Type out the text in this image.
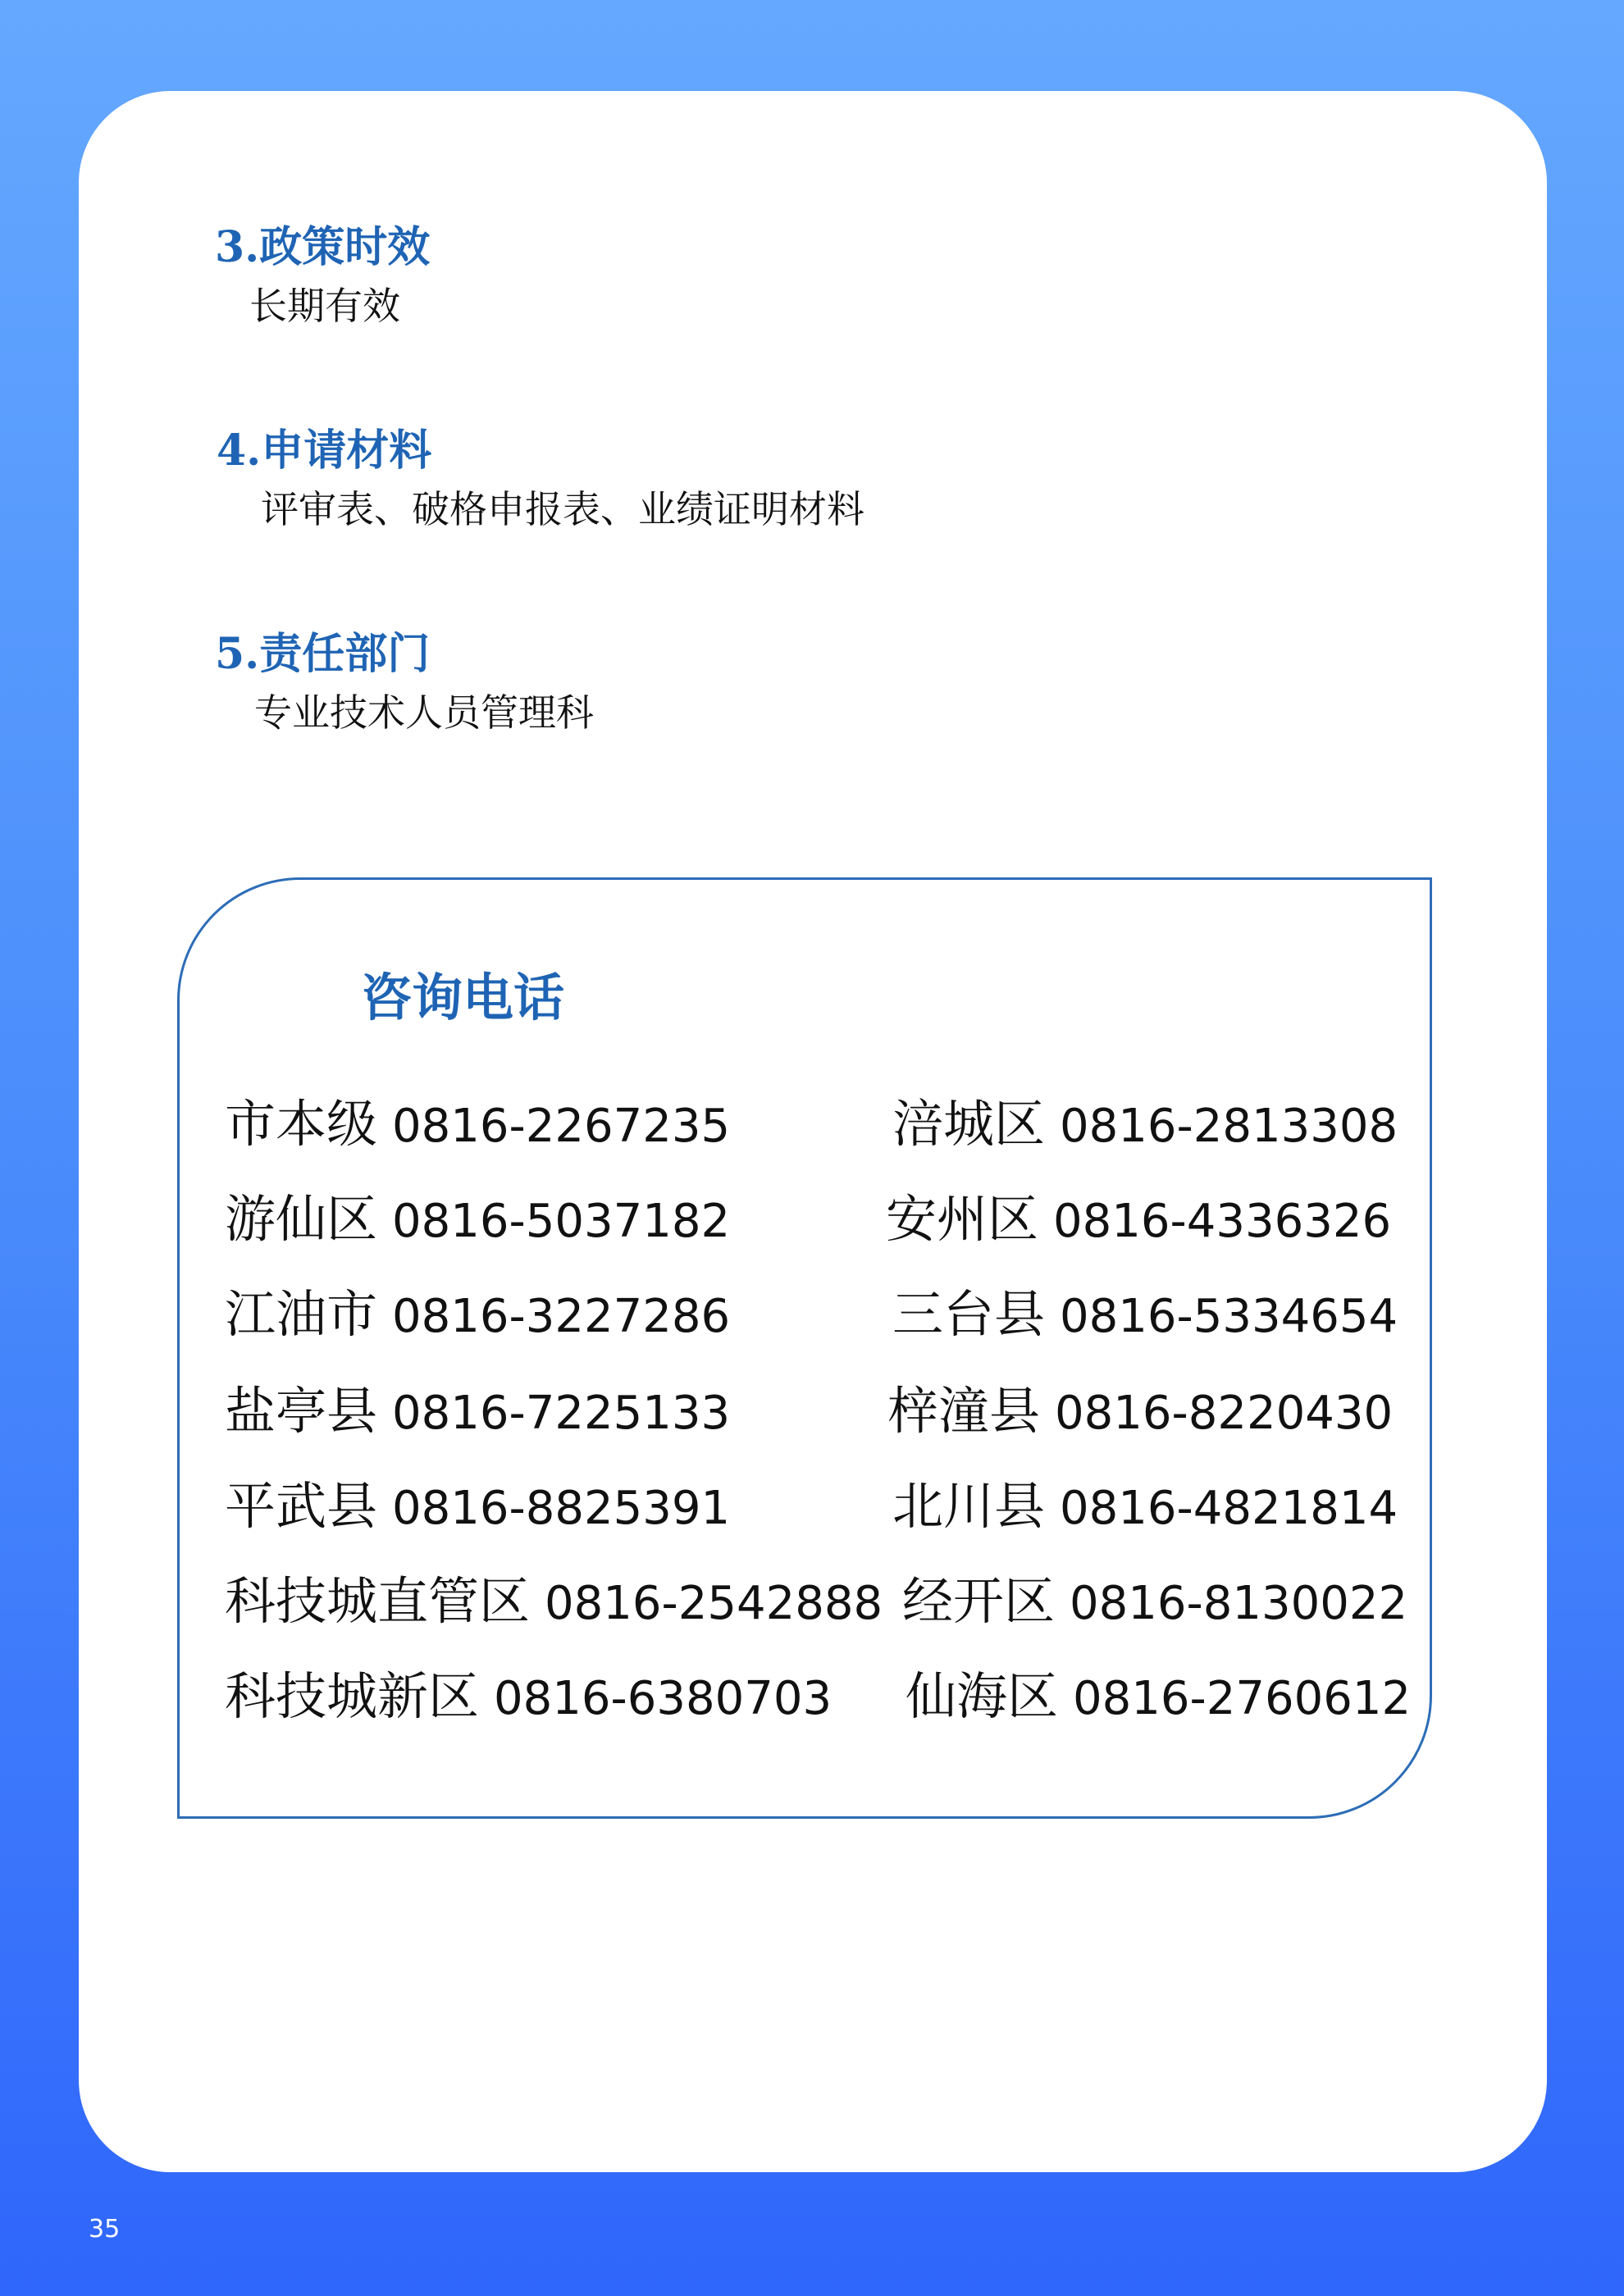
3.政策时效
长期有效
4.申请材料
评审表、破格申报表、业绩证明材料
5.责任部门
专业技术人员管理科
咨询电话
市本级 0816-2267235	涪城区 0816-2813308
游仙区 0816-5037182	安州区 0816-4336326
江油市 0816-3227286	三台县 0816-5334654
盐亭县 0816-7225133	梓潼县 0816-8220430
平武县 0816-8825391	北川县 0816-4821814
科技城直管区 0816-2542888 经开区 0816-8130022
科技城新区 0816-6380703 仙海区 0816-2760612
35
